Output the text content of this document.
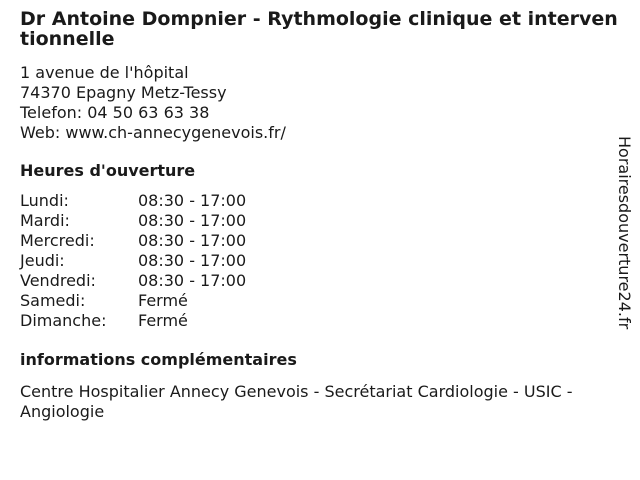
Dr Antoine Dompnier - Rythmologie clinique et interventionnelle
1 avenue de l'hôpital
74370 Epagny Metz-Tessy
Telefon: 04 50 63 63 38
Web: www.ch-annecygenevois.fr/
Heures d'ouverture
Lundi:	08:30 - 17:00
Mardi:	08:30 - 17:00
Mercredi:	08:30 - 17:00
Jeudi:	08:30 - 17:00
Vendredi:	08:30 - 17:00
Samedi:	Fermé
Dimanche:	Fermé
informations complémentaires
Centre Hospitalier Annecy Genevois - Secrétariat Cardiologie - USIC - Angiologie
Horairesdouverture24.fr
